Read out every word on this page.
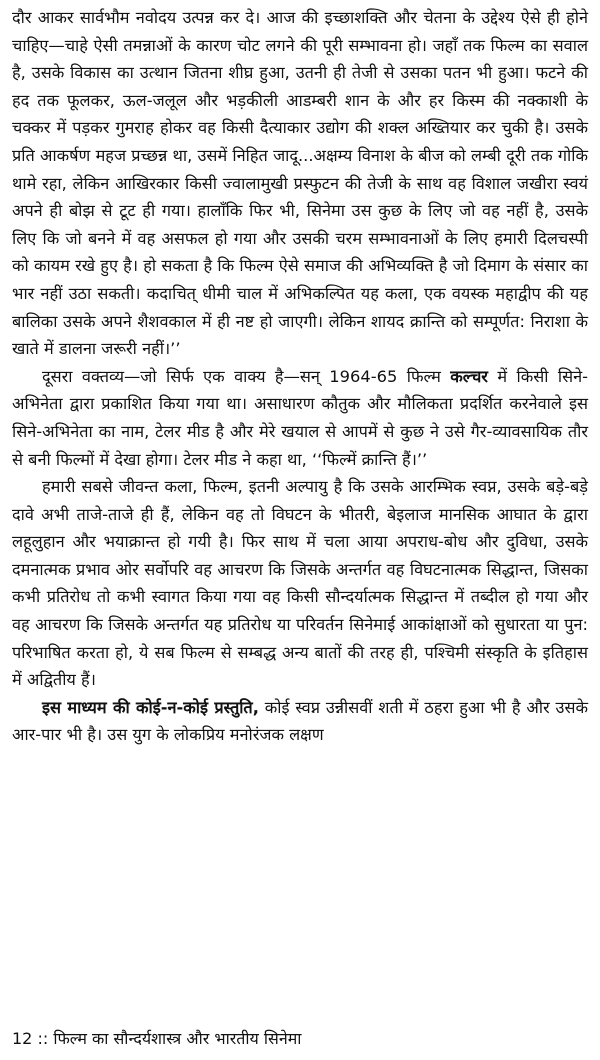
दौर आकर सार्वभौम नवोदय उत्पन्न कर दे। आज की इच्छाशक्ति और चेतना के उद्देश्य ऐसे ही होने चाहिए—चाहे ऐसी तमन्नाओं के कारण चोट लगने की पूरी सम्भावना हो। जहाँ तक फिल्म का सवाल है, उसके विकास का उत्थान जितना शीघ्र हुआ, उतनी ही तेजी से उसका पतन भी हुआ। फटने की हद तक फूलकर, ऊल-जलूल और भड़कीली आडम्बरी शान के और हर किस्म की नक्काशी के चक्कर में पड़कर गुमराह होकर वह किसी दैत्याकार उद्योग की शक्ल अख्तियार कर चुकी है। उसके प्रति आकर्षण महज प्रच्छन्न था, उसमें निहित जादू...अक्षम्य विनाश के बीज को लम्बी दूरी तक गोकि थामे रहा, लेकिन आखिरकार किसी ज्वालामुखी प्रस्फुटन की तेजी के साथ वह विशाल जखीरा स्वयं अपने ही बोझ से टूट ही गया। हालाँकि फिर भी, सिनेमा उस कुछ के लिए जो वह नहीं है, उसके लिए कि जो बनने में वह असफल हो गया और उसकी चरम सम्भावनाओं के लिए हमारी दिलचस्पी को कायम रखे हुए है। हो सकता है कि फिल्म ऐसे समाज की अभिव्यक्ति है जो दिमाग के संसार का भार नहीं उठा सकती। कदाचित् धीमी चाल में अभिकल्पित यह कला, एक वयस्क महाद्वीप की यह बालिका उसके अपने शैशवकाल में ही नष्ट हो जाएगी। लेकिन शायद क्रान्ति को सम्पूर्णत: निराशा के खाते में डालना जरूरी नहीं।’’

दूसरा वक्तव्य—जो सिर्फ एक वाक्य है—सन् 1964-65 फिल्म कल्चर में किसी सिने-अभिनेता द्वारा प्रकाशित किया गया था। असाधारण कौतुक और मौलिकता प्रदर्शित करनेवाले इस सिने-अभिनेता का नाम, टेलर मीड है और मेरे खयाल से आपमें से कुछ ने उसे गैर-व्यावसायिक तौर से बनी फिल्मों में देखा होगा। टेलर मीड ने कहा था, ‘‘फिल्में क्रान्ति हैं।’’

हमारी सबसे जीवन्त कला, फिल्म, इतनी अल्पायु है कि उसके आरम्भिक स्वप्न, उसके बड़े-बड़े दावे अभी ताजे-ताजे ही हैं, लेकिन वह तो विघटन के भीतरी, बेइलाज मानसिक आघात के द्वारा लहूलुहान और भयाक्रान्त हो गयी है। फिर साथ में चला आया अपराध-बोध और दुविधा, उसके दमनात्मक प्रभाव ओर सर्वोपरि वह आचरण कि जिसके अन्तर्गत वह विघटनात्मक सिद्धान्त, जिसका कभी प्रतिरोध तो कभी स्वागत किया गया वह किसी सौन्दर्यात्मक सिद्धान्त में तब्दील हो गया और वह आचरण कि जिसके अन्तर्गत यह प्रतिरोध या परिवर्तन सिनेमाई आकांक्षाओं को सुधारता या पुन: परिभाषित करता हो, ये सब फिल्म से सम्बद्ध अन्य बातों की तरह ही, पश्चिमी संस्कृति के इतिहास में अद्वितीय हैं।

इस माध्यम की कोई-न-कोई प्रस्तुति, कोई स्वप्न उन्नीसवीं शती में ठहरा हुआ भी है और उसके आर-पार भी है। उस युग के लोकप्रिय मनोरंजक लक्षण

12 :: फिल्म का सौन्दर्यशास्त्र और भारतीय सिनेमा
